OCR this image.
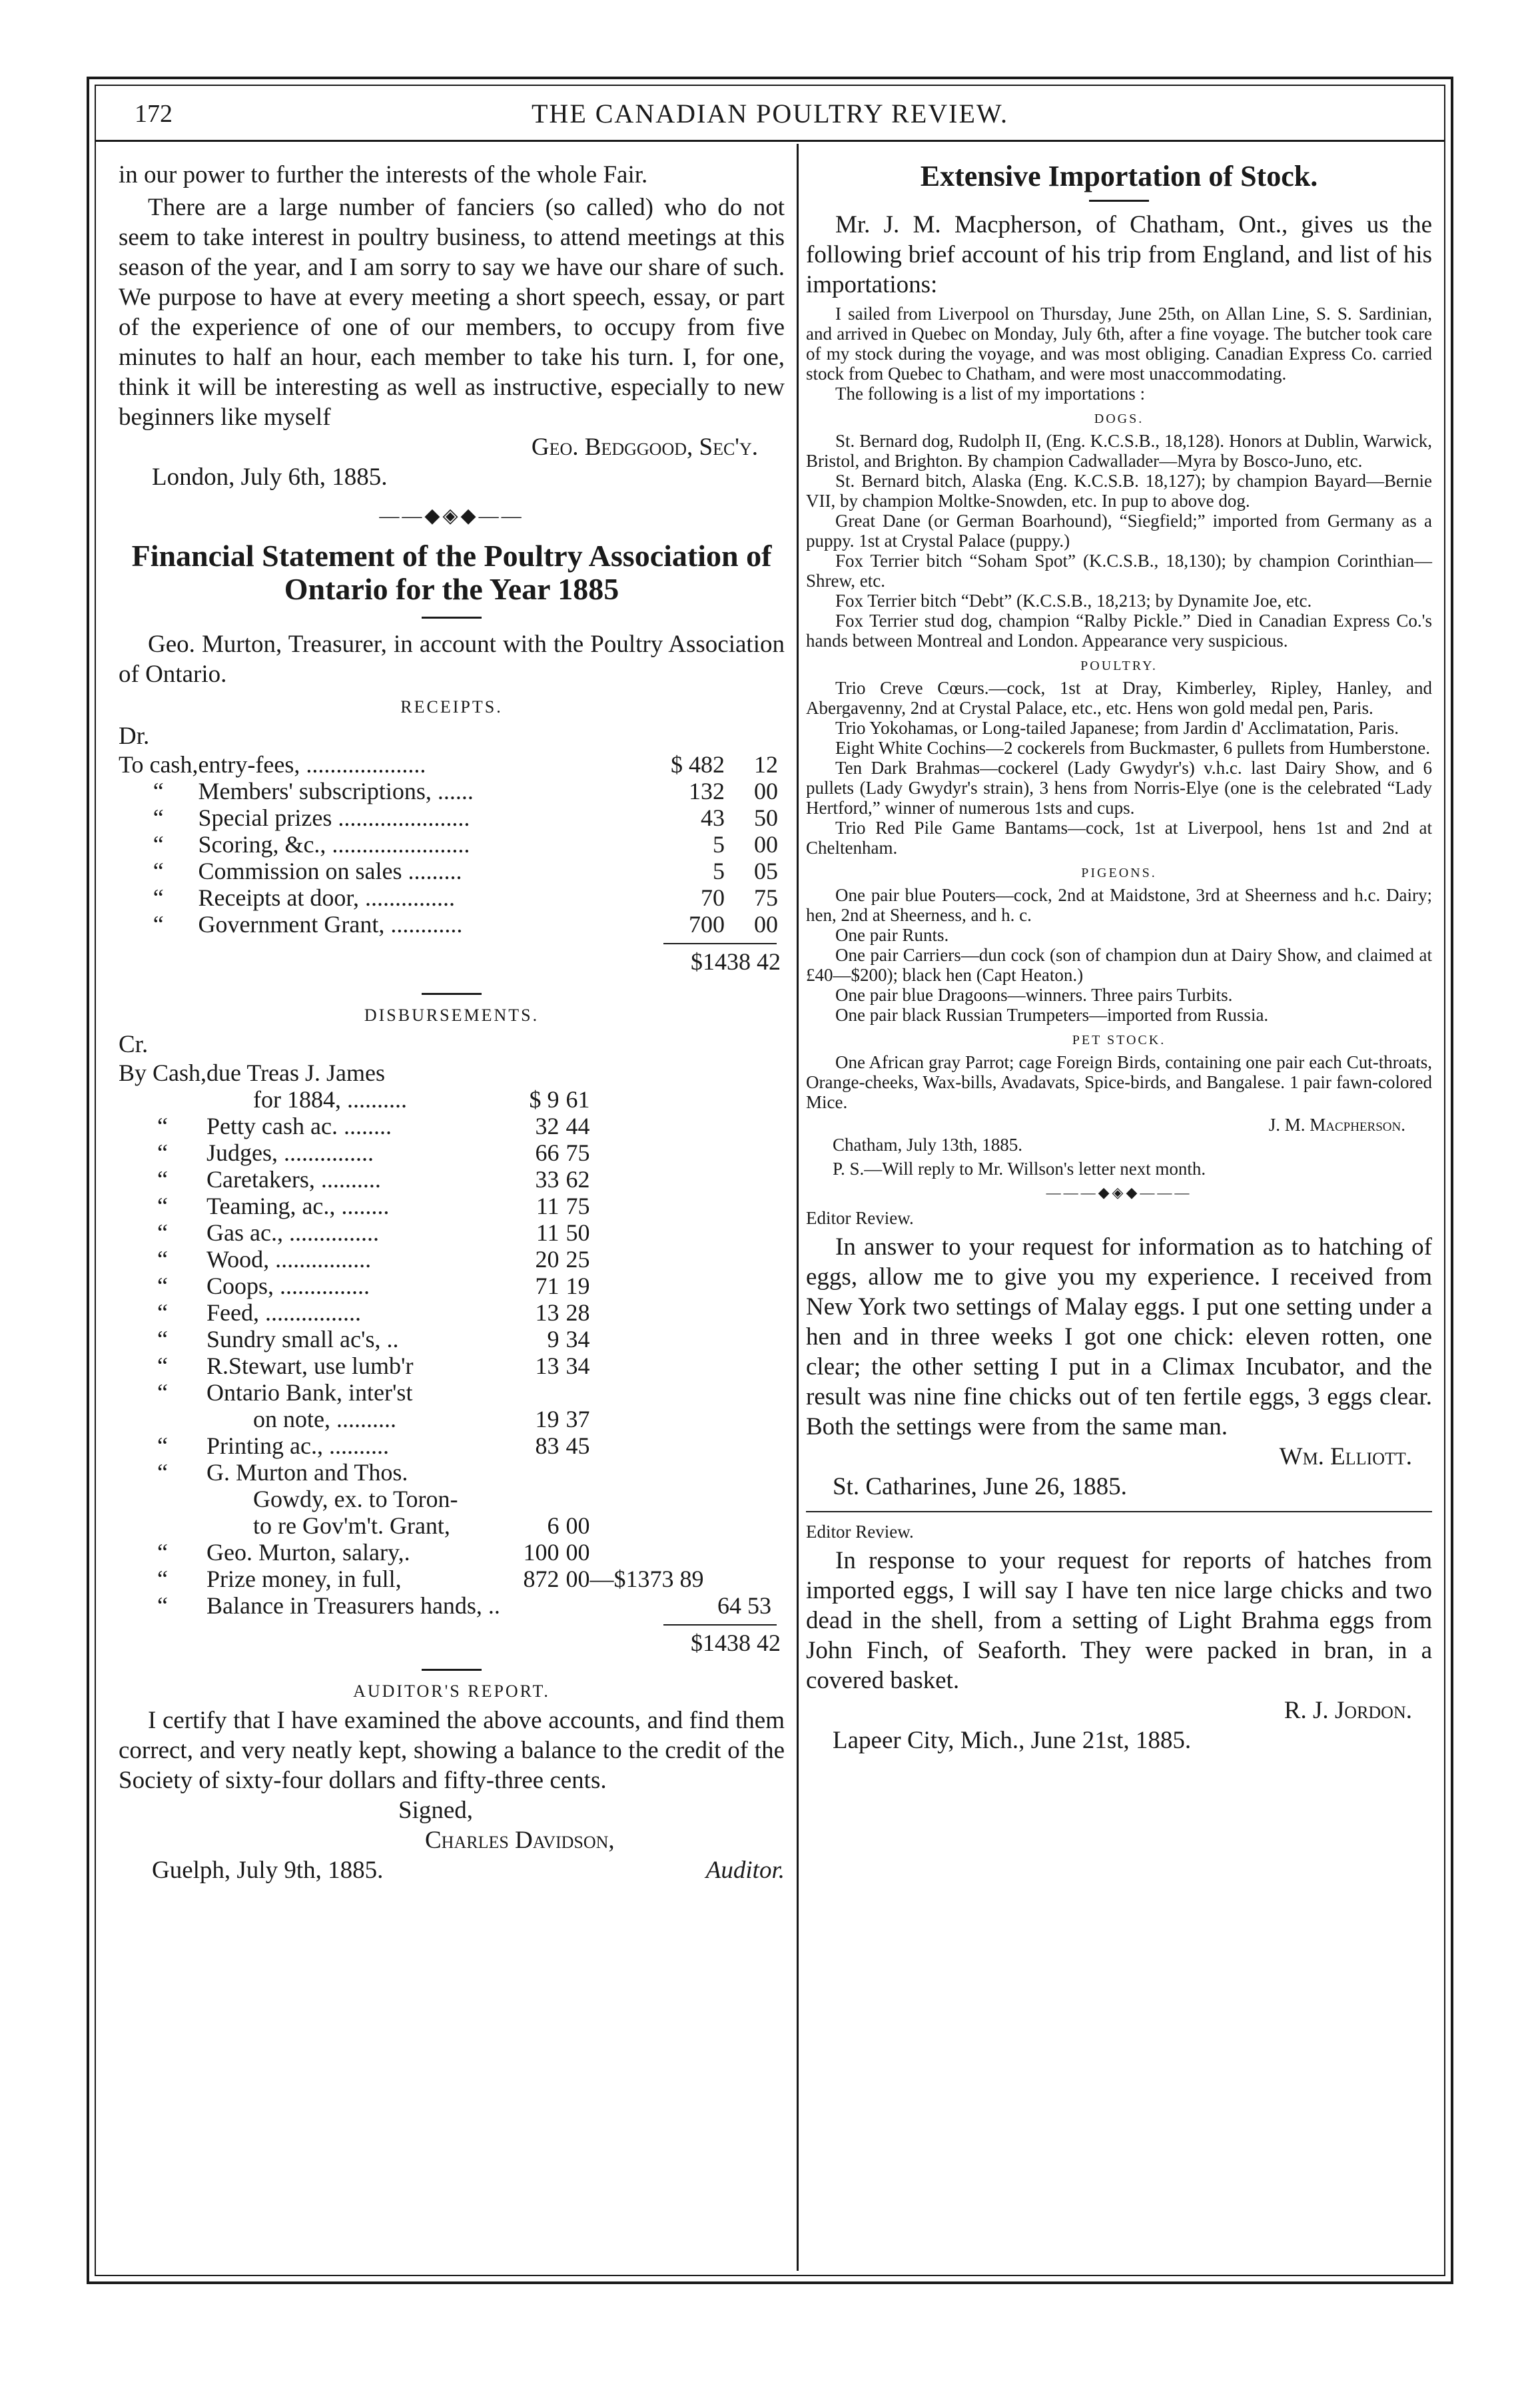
172	THE CANADIAN POULTRY REVIEW.

in our power to further the interests of the whole Fair.

There are a large number of fanciers (so called) who do not seem to take interest in poultry business, to attend meetings at this season of the year, and I am sorry to say we have our share of such. We purpose to have at every meeting a short speech, essay, or part of the experience of one of our members, to occupy from five minutes to half an hour, each member to take his turn. I, for one, think it will be interesting as well as instructive, especially to new beginners like myself

Geo. Bedggood, Sec'y.

London, July 6th, 1885.

——◆◈◆——

Financial Statement of the Poultry Association of Ontario for the Year 1885

Geo. Murton, Treasurer, in account with the Poultry Association of Ontario.

RECEIPTS.
Dr.
To cash,	entry-fees, ....................	$ 482	12
“	Members' subscriptions, ......	132	00
“	Special prizes ......................	43	50
“	Scoring, &c., .......................	5	00
“	Commission on sales .........	5	05
“	Receipts at door, ...............	70	75
“	Government Grant, ............	700	00
$1438 42
DISBURSEMENTS.
Cr.
By Cash,	due Treas J. James			
	for 1884, ..........	$ 9	61	
“	Petty cash ac. ........	32	44	
“	Judges, ...............	66	75	
“	Caretakers, ..........	33	62	
“	Teaming, ac., ........	11	75	
“	Gas ac., ...............	11	50	
“	Wood, ................	20	25	
“	Coops, ...............	71	19	
“	Feed, ................	13	28	
“	Sundry small ac's, ..	9	34	
“	R.Stewart, use lumb'r	13	34	
“	Ontario Bank, inter'st			
	on note, ..........	19	37	
“	Printing ac., ..........	83	45	
“	G. Murton and Thos.			
	Gowdy, ex. to Toron-			
	to re Gov'm't. Grant,	6	00	
“	Geo. Murton, salary,.	100	00	
“	Prize money, in full,	872	00—$1373 89	
“	Balance in Treasurers hands, ..			64 53
$1438 42
AUDITOR'S REPORT.

I certify that I have examined the above accounts, and find them correct, and very neatly kept, showing a balance to the credit of the Society of sixty-four dollars and fifty-three cents.

Signed,

Charles Davidson,

Guelph, July 9th, 1885.	Auditor.

Extensive Importation of Stock.

Mr. J. M. Macpherson, of Chatham, Ont., gives us the following brief account of his trip from England, and list of his importations:

I sailed from Liverpool on Thursday, June 25th, on Allan Line, S. S. Sardinian, and arrived in Quebec on Monday, July 6th, after a fine voyage. The butcher took care of my stock during the voyage, and was most obliging. Canadian Express Co. carried stock from Quebec to Chatham, and were most unaccommodating.

The following is a list of my importations :

DOGS.

St. Bernard dog, Rudolph II, (Eng. K.C.S.B., 18,128). Honors at Dublin, Warwick, Bristol, and Brighton. By champion Cadwallader—Myra by Bosco-Juno, etc.

St. Bernard bitch, Alaska (Eng. K.C.S.B. 18,127); by champion Bayard—Bernie VII, by champion Moltke-Snowden, etc. In pup to above dog.

Great Dane (or German Boarhound), “Siegfield;” imported from Germany as a puppy. 1st at Crystal Palace (puppy.)

Fox Terrier bitch “Soham Spot” (K.C.S.B., 18,130); by champion Corinthian—Shrew, etc.

Fox Terrier bitch “Debt” (K.C.S.B., 18,213; by Dynamite Joe, etc.

Fox Terrier stud dog, champion “Ralby Pickle.” Died in Canadian Express Co.'s hands between Montreal and London. Appearance very suspicious.

POULTRY.

Trio Creve Cœurs.—cock, 1st at Dray, Kimberley, Ripley, Hanley, and Abergavenny, 2nd at Crystal Palace, etc., etc. Hens won gold medal pen, Paris.

Trio Yokohamas, or Long-tailed Japanese; from Jardin d' Acclimatation, Paris.

Eight White Cochins—2 cockerels from Buckmaster, 6 pullets from Humberstone.

Ten Dark Brahmas—cockerel (Lady Gwydyr's) v.h.c. last Dairy Show, and 6 pullets (Lady Gwydyr's strain), 3 hens from Norris-Elye (one is the celebrated “Lady Hertford,” winner of numerous 1sts and cups.

Trio Red Pile Game Bantams—cock, 1st at Liverpool, hens 1st and 2nd at Cheltenham.

PIGEONS.

One pair blue Pouters—cock, 2nd at Maidstone, 3rd at Sheerness and h.c. Dairy; hen, 2nd at Sheerness, and h. c.

One pair Runts.

One pair Carriers—dun cock (son of champion dun at Dairy Show, and claimed at £40—$200); black hen (Capt Heaton.)

One pair blue Dragoons—winners. Three pairs Turbits.

One pair black Russian Trumpeters—imported from Russia.

PET STOCK.

One African gray Parrot; cage Foreign Birds, containing one pair each Cut-throats, Orange-cheeks, Wax-bills, Avadavats, Spice-birds, and Bangalese. 1 pair fawn-colored Mice.

J. M. Macpherson.

Chatham, July 13th, 1885.

P. S.—Will reply to Mr. Willson's letter next month.

———◆◈◆———

Editor Review.

In answer to your request for information as to hatching of eggs, allow me to give you my experience. I received from New York two settings of Malay eggs. I put one setting under a hen and in three weeks I got one chick: eleven rotten, one clear; the other setting I put in a Climax Incubator, and the result was nine fine chicks out of ten fertile eggs, 3 eggs clear. Both the settings were from the same man.

Wm. Elliott.

St. Catharines, June 26, 1885.

Editor Review.

In response to your request for reports of hatches from imported eggs, I will say I have ten nice large chicks and two dead in the shell, from a setting of Light Brahma eggs from John Finch, of Seaforth. They were packed in bran, in a covered basket.

R. J. Jordon.

Lapeer City, Mich., June 21st, 1885.
